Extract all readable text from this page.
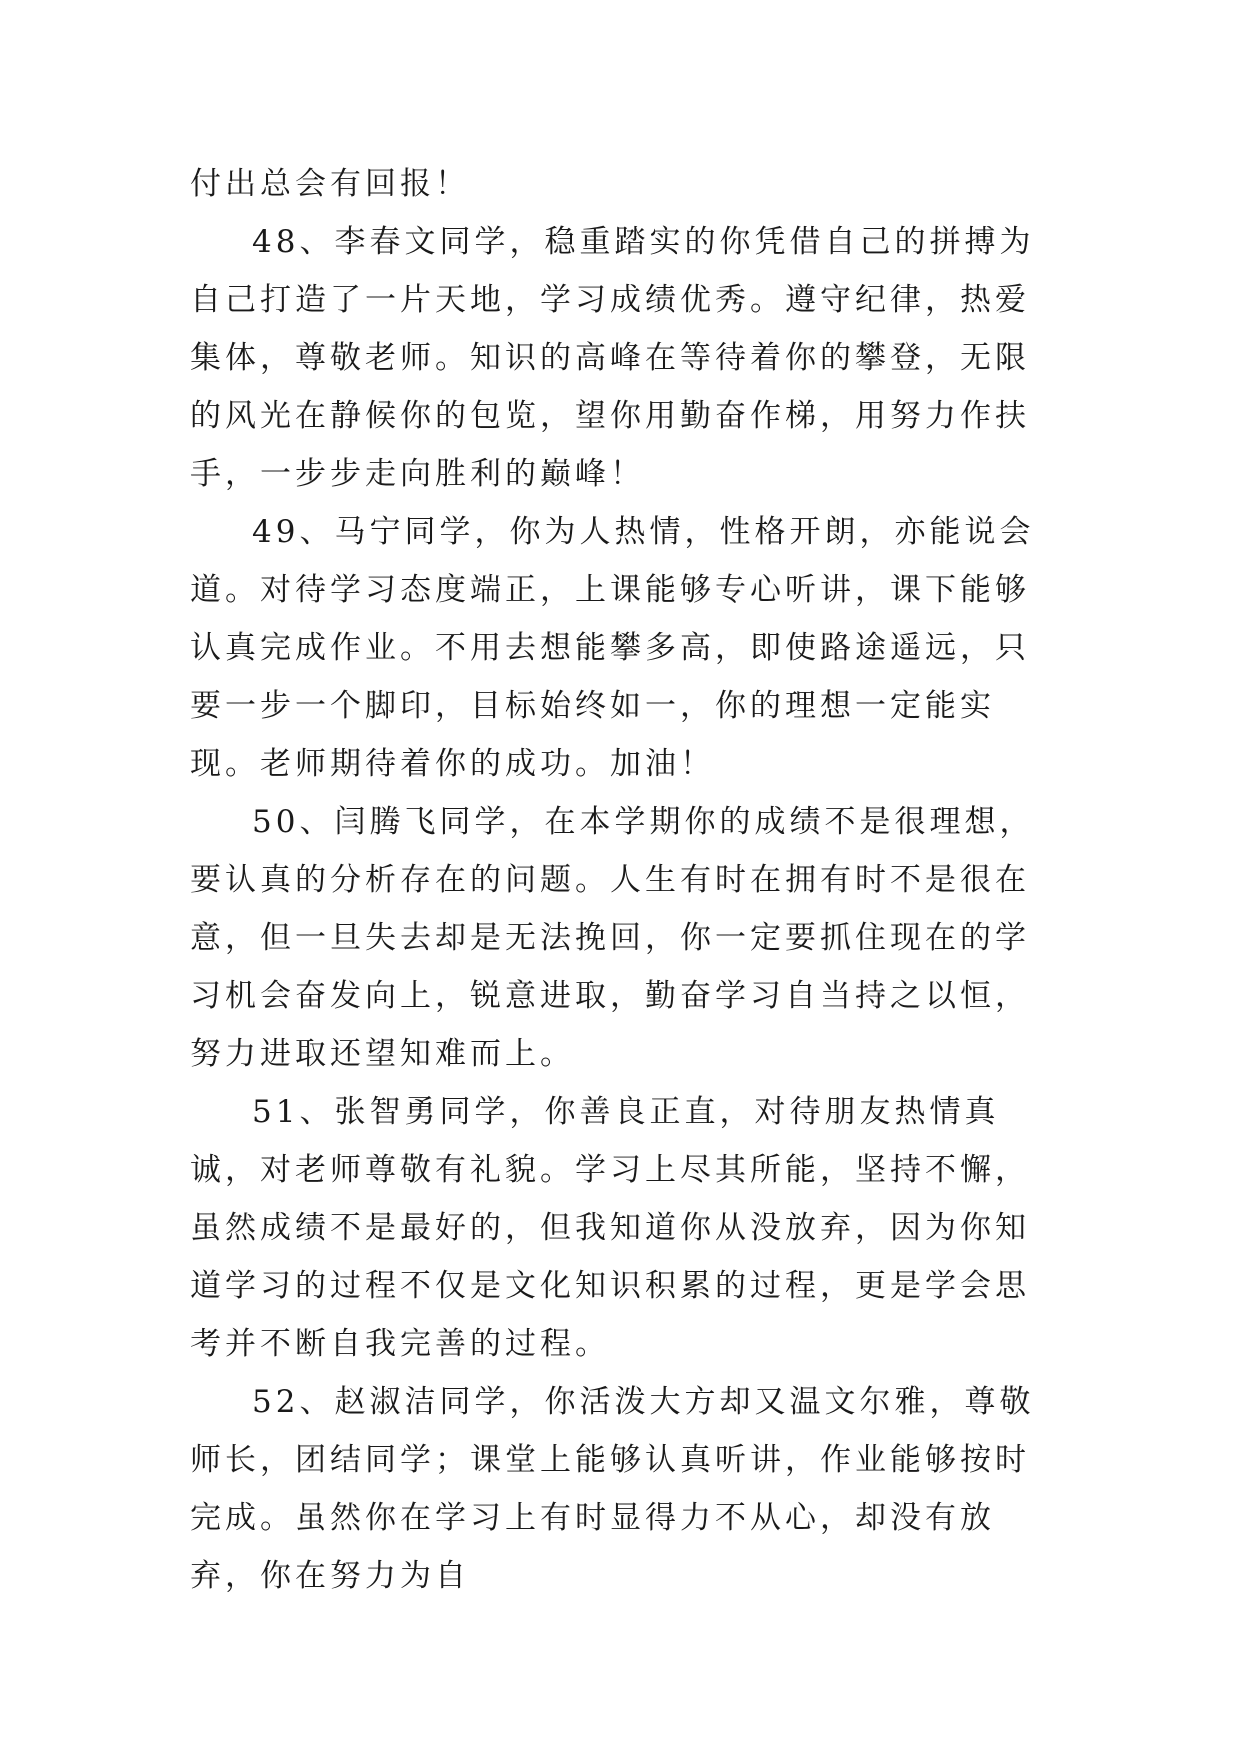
付出总会有回报！

48、李春文同学，稳重踏实的你凭借自己的拼搏为自己打造了一片天地，学习成绩优秀。遵守纪律，热爱集体，尊敬老师。知识的高峰在等待着你的攀登，无限的风光在静候你的包览，望你用勤奋作梯，用努力作扶手，一步步走向胜利的巅峰！

49、马宁同学，你为人热情，性格开朗，亦能说会道。对待学习态度端正，上课能够专心听讲，课下能够认真完成作业。不用去想能攀多高，即使路途遥远，只要一步一个脚印，目标始终如一，你的理想一定能实现。老师期待着你的成功。加油！

50、闫腾飞同学，在本学期你的成绩不是很理想，要认真的分析存在的问题。人生有时在拥有时不是很在意，但一旦失去却是无法挽回，你一定要抓住现在的学习机会奋发向上，锐意进取，勤奋学习自当持之以恒，努力进取还望知难而上。

51、张智勇同学，你善良正直，对待朋友热情真诚，对老师尊敬有礼貌。学习上尽其所能，坚持不懈，虽然成绩不是最好的，但我知道你从没放弃，因为你知道学习的过程不仅是文化知识积累的过程，更是学会思考并不断自我完善的过程。

52、赵淑洁同学，你活泼大方却又温文尔雅，尊敬师长，团结同学；课堂上能够认真听讲，作业能够按时完成。虽然你在学习上有时显得力不从心，却没有放弃，你在努力为自
